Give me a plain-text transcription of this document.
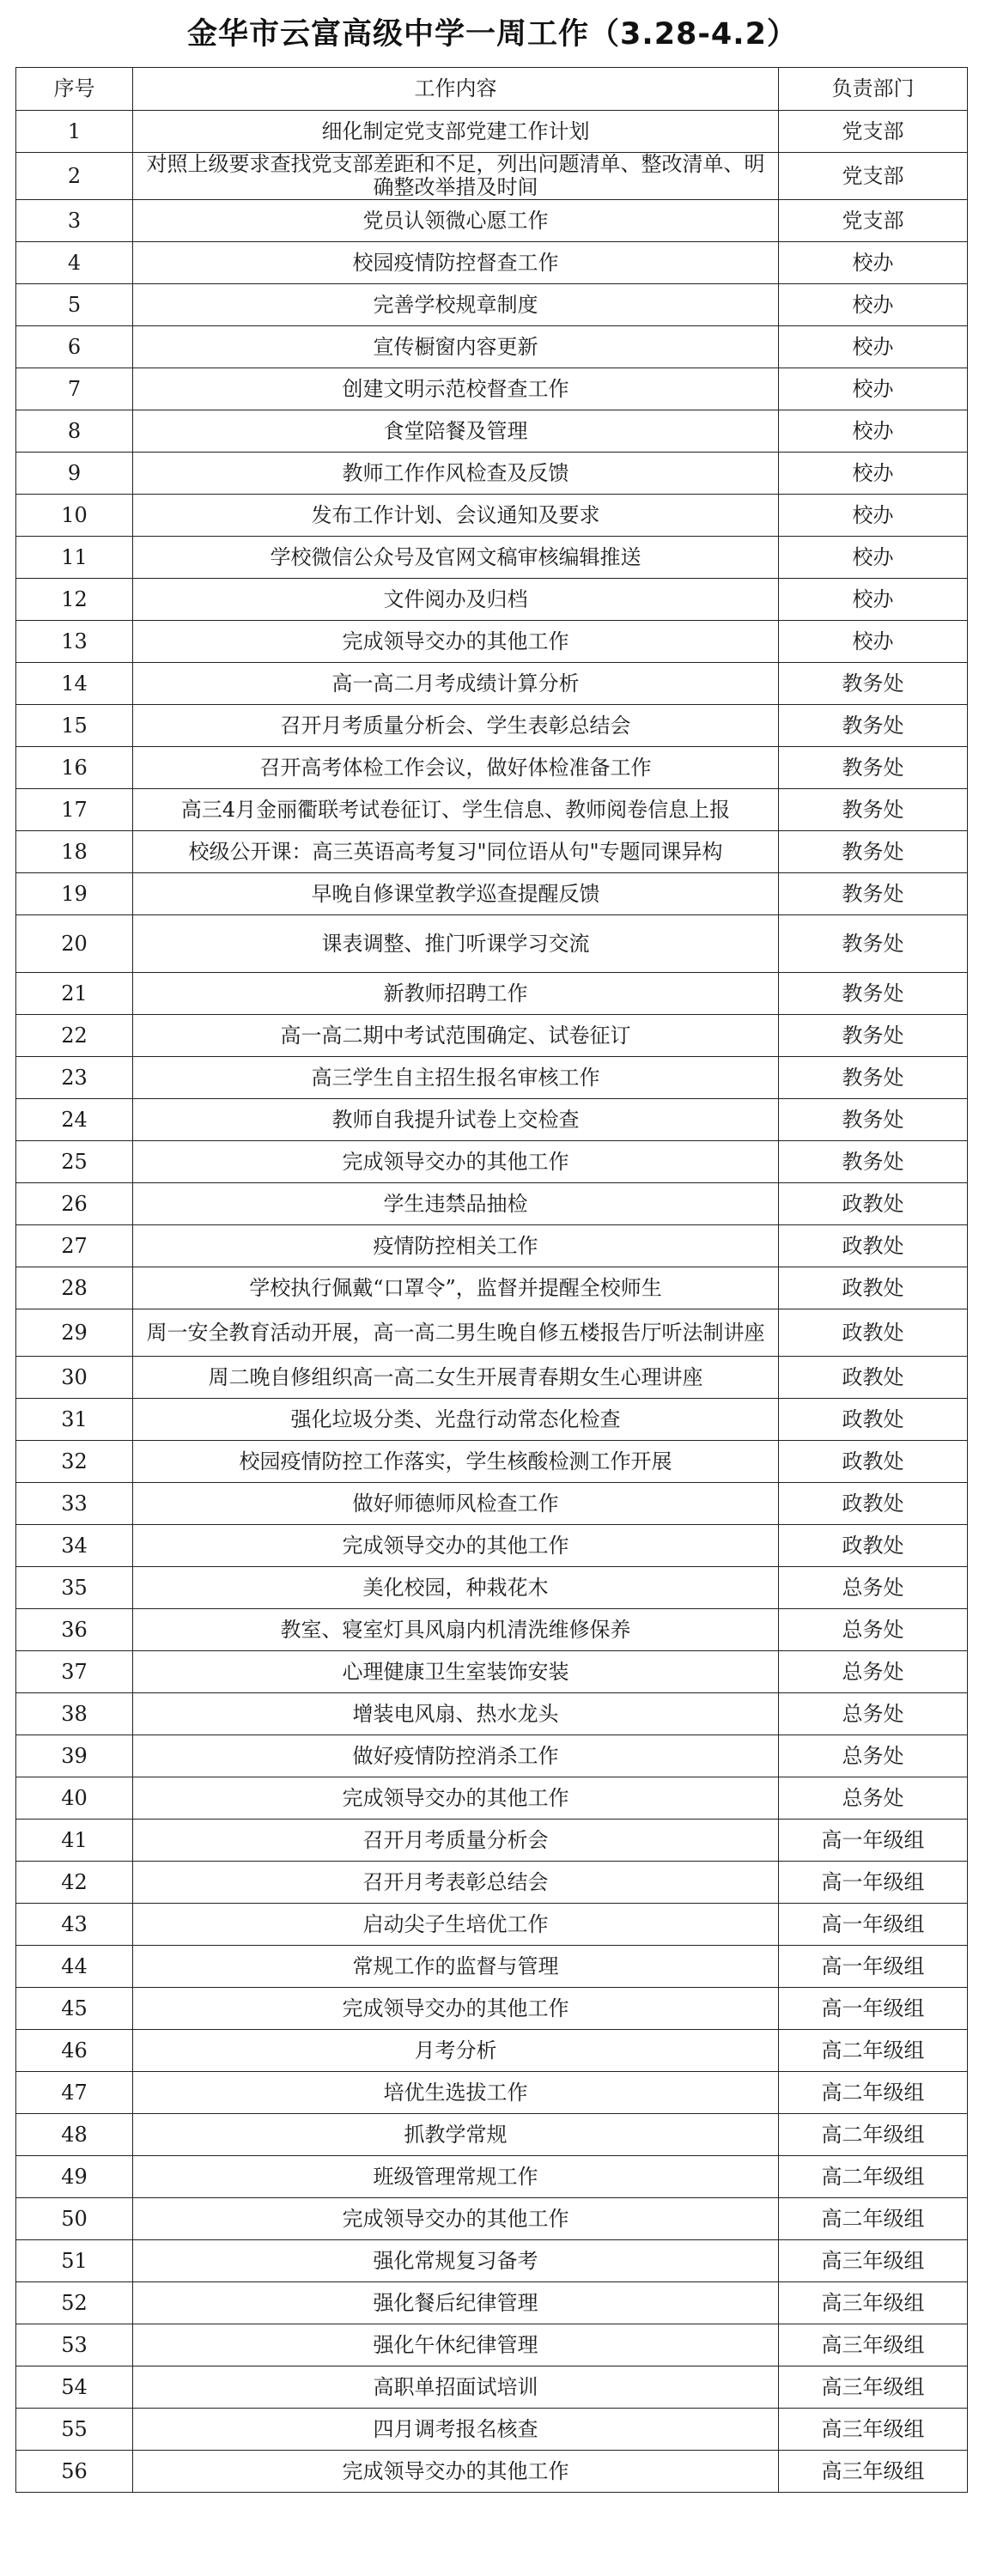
金华市云富高级中学一周工作（3.28-4.2）
序号	工作内容	负责部门
1	细化制定党支部党建工作计划	党支部
2	对照上级要求查找党支部差距和不足，列出问题清单、整改清单、明确整改举措及时间	党支部
3	党员认领微心愿工作	党支部
4	校园疫情防控督查工作	校办
5	完善学校规章制度	校办
6	宣传橱窗内容更新	校办
7	创建文明示范校督查工作	校办
8	食堂陪餐及管理	校办
9	教师工作作风检查及反馈	校办
10	发布工作计划、会议通知及要求	校办
11	学校微信公众号及官网文稿审核编辑推送	校办
12	文件阅办及归档	校办
13	完成领导交办的其他工作	校办
14	高一高二月考成绩计算分析	教务处
15	召开月考质量分析会、学生表彰总结会	教务处
16	召开高考体检工作会议，做好体检准备工作	教务处
17	高三4月金丽衢联考试卷征订、学生信息、教师阅卷信息上报	教务处
18	校级公开课：高三英语高考复习"同位语从句"专题同课异构	教务处
19	早晚自修课堂教学巡查提醒反馈	教务处
20	课表调整、推门听课学习交流	教务处
21	新教师招聘工作	教务处
22	高一高二期中考试范围确定、试卷征订	教务处
23	高三学生自主招生报名审核工作	教务处
24	教师自我提升试卷上交检查	教务处
25	完成领导交办的其他工作	教务处
26	学生违禁品抽检	政教处
27	疫情防控相关工作	政教处
28	学校执行佩戴“口罩令”，监督并提醒全校师生	政教处
29	周一安全教育活动开展，高一高二男生晚自修五楼报告厅听法制讲座	政教处
30	周二晚自修组织高一高二女生开展青春期女生心理讲座	政教处
31	强化垃圾分类、光盘行动常态化检查	政教处
32	校园疫情防控工作落实，学生核酸检测工作开展	政教处
33	做好师德师风检查工作	政教处
34	完成领导交办的其他工作	政教处
35	美化校园，种栽花木	总务处
36	教室、寝室灯具风扇内机清洗维修保养	总务处
37	心理健康卫生室装饰安装	总务处
38	增装电风扇、热水龙头	总务处
39	做好疫情防控消杀工作	总务处
40	完成领导交办的其他工作	总务处
41	召开月考质量分析会	高一年级组
42	召开月考表彰总结会	高一年级组
43	启动尖子生培优工作	高一年级组
44	常规工作的监督与管理	高一年级组
45	完成领导交办的其他工作	高一年级组
46	月考分析	高二年级组
47	培优生选拔工作	高二年级组
48	抓教学常规	高二年级组
49	班级管理常规工作	高二年级组
50	完成领导交办的其他工作	高二年级组
51	强化常规复习备考	高三年级组
52	强化餐后纪律管理	高三年级组
53	强化午休纪律管理	高三年级组
54	高职单招面试培训	高三年级组
55	四月调考报名核查	高三年级组
56	完成领导交办的其他工作	高三年级组
